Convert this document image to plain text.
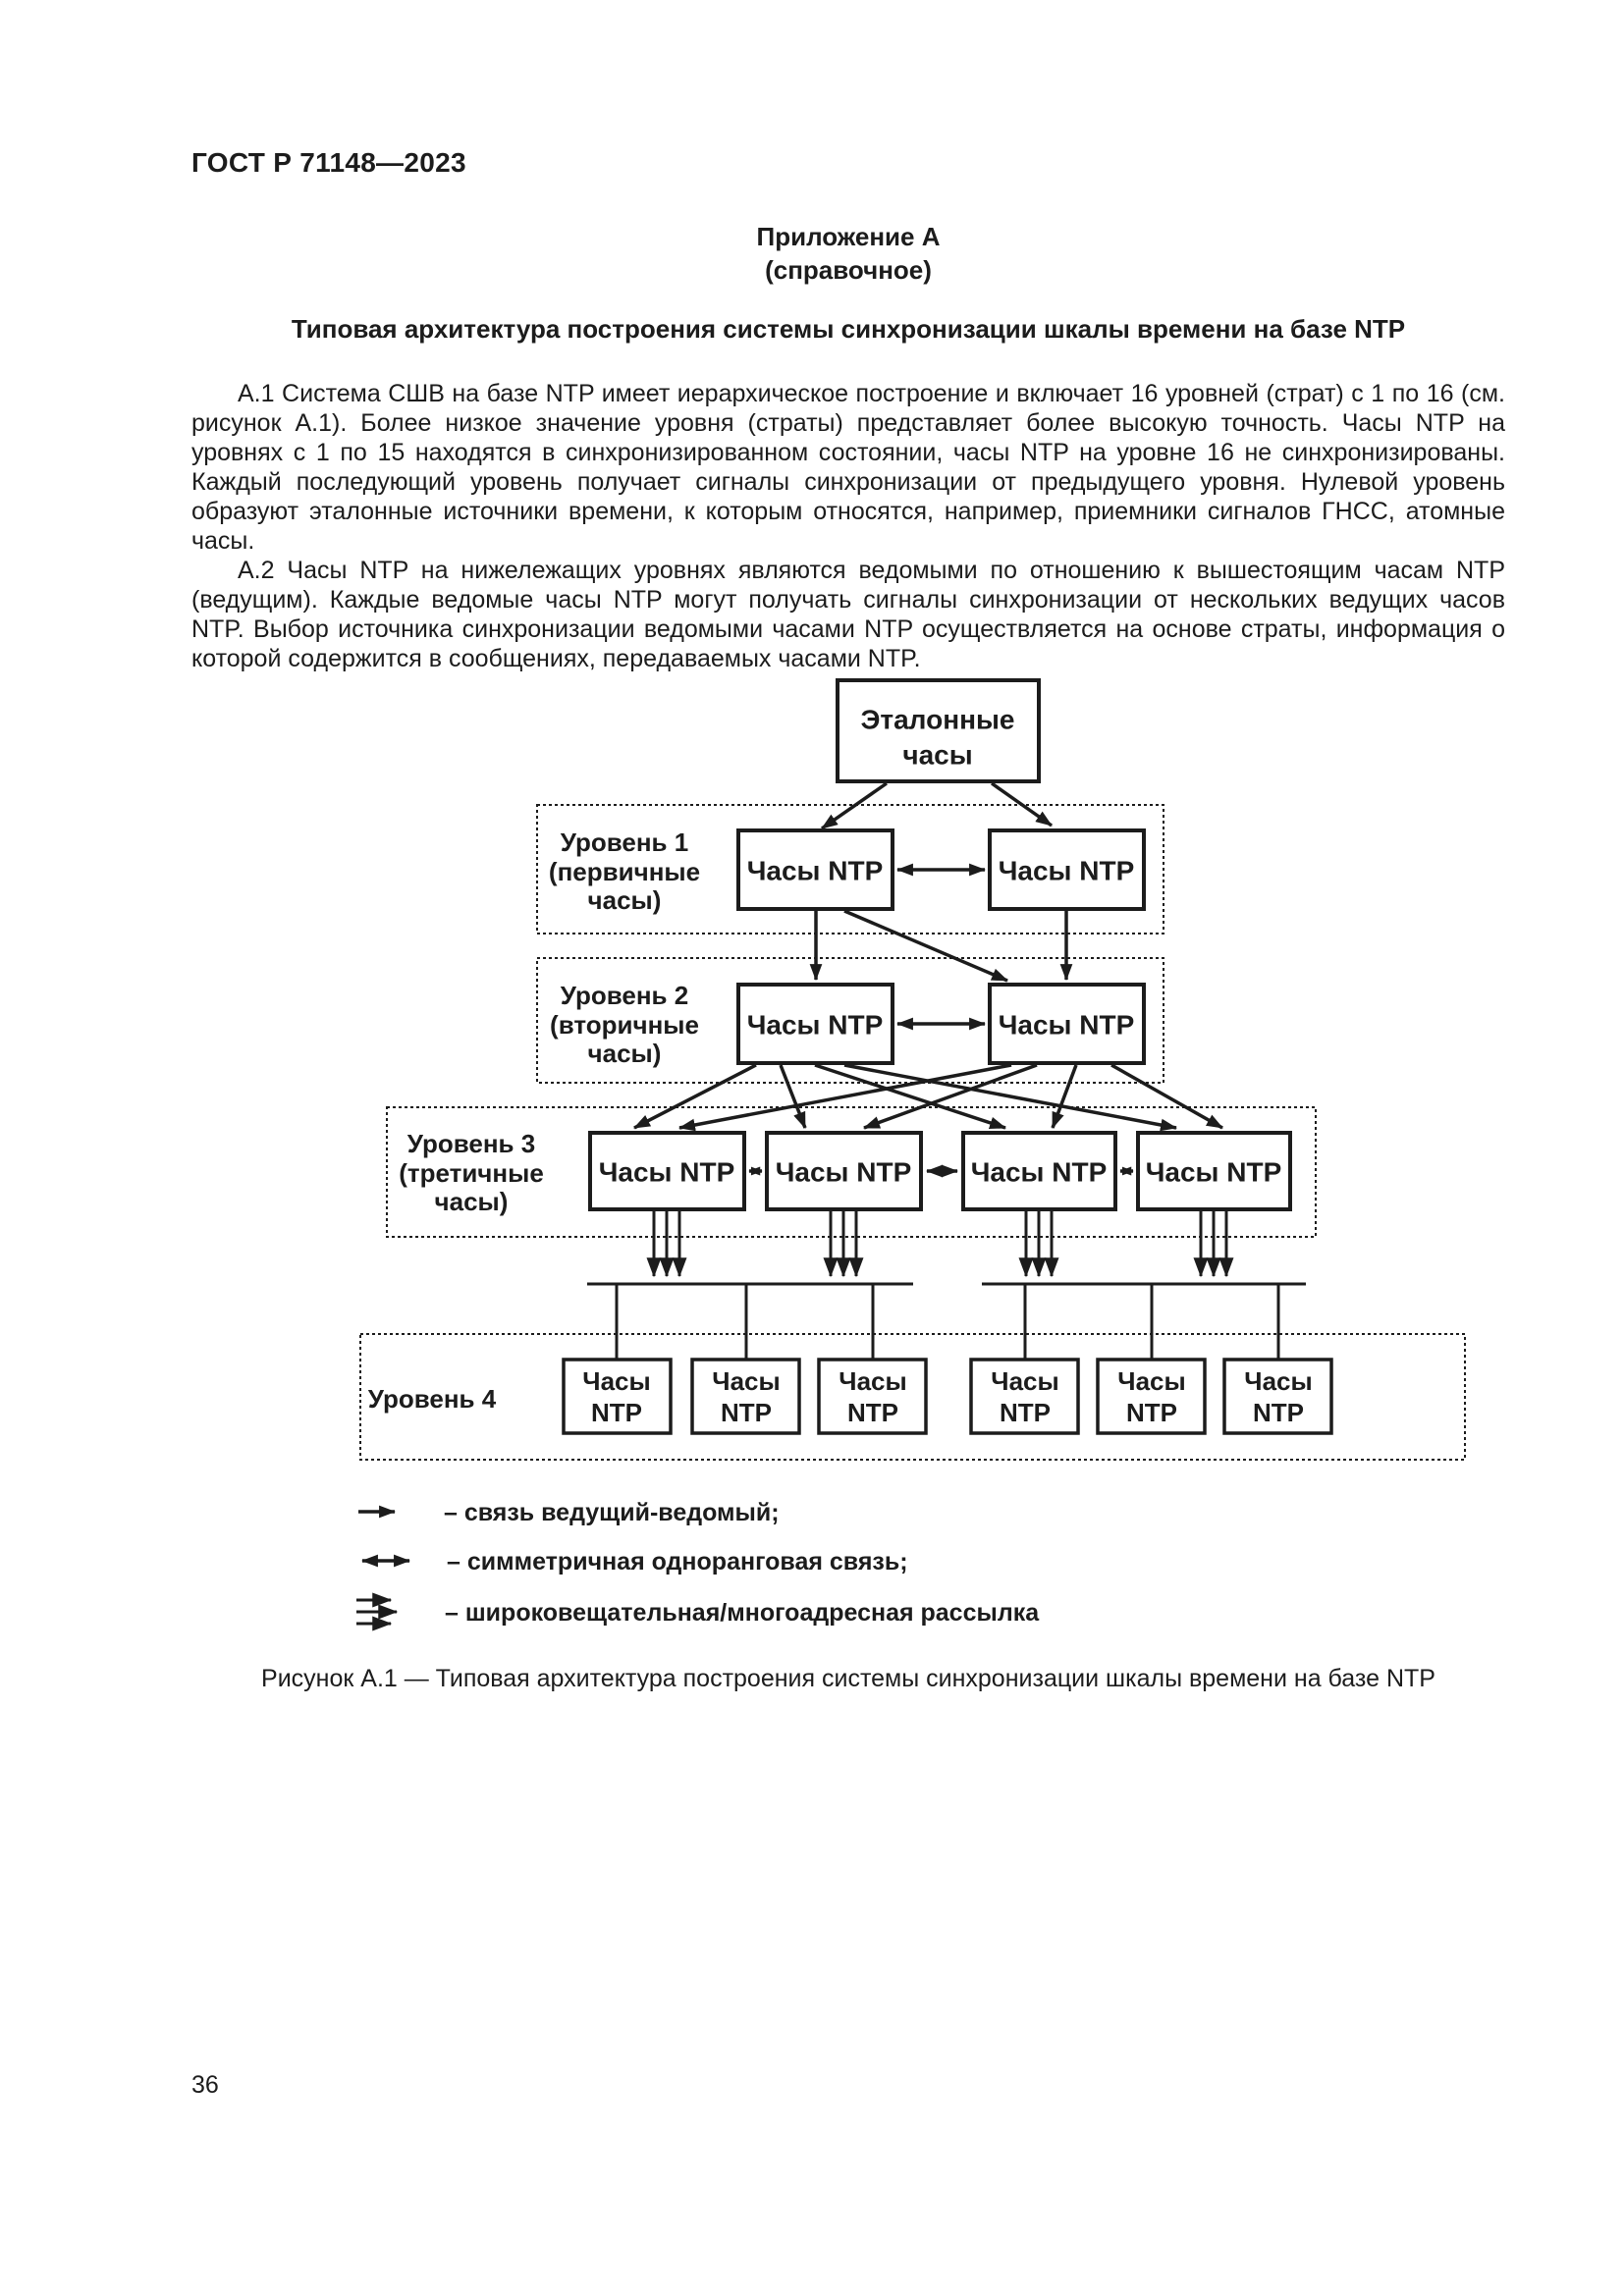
ГОСТ Р 71148—2023
Приложение А
(справочное)
Типовая архитектура построения системы синхронизации шкалы времени на базе NTP

А.1 Система СШВ на базе NTP имеет иерархическое построение и включает 16 уровней (страт) с 1 по 16 (см. рисунок А.1). Более низкое значение уровня (страты) представляет более высокую точность. Часы NTP на уровнях с 1 по 15 находятся в синхронизированном состоянии, часы NTP на уровне 16 не синхронизированы. Каждый последующий уровень получает сигналы синхронизации от предыдущего уровня. Нулевой уровень образуют эталонные источники времени, к которым относятся, например, приемники сигналов ГНСС, атомные часы.

А.2 Часы NTP на нижележащих уровнях являются ведомыми по отношению к вышестоящим часам NTP (ведущим). Каждые ведомые часы NTP могут получать сигналы синхронизации от нескольких ведущих часов NTP. Выбор источника синхронизации ведомыми часами NTP осуществляется на основе страты, информация о которой содержится в сообщениях, передаваемых часами NTP.

Эталонные
часы
Уровень 1
(первичные
часы)
Часы NTP	Часы NTP
Уровень 2
(вторичные
часы)
Часы NTP	Часы NTP
Уровень 3
(третичные
часы)
Часы NTP Часы NTP Часы NTP Часы NTP
Уровень 4
Часы
NTP
Часы
NTP
Часы
NTP
Часы
NTP
Часы
NTP
Часы
NTP
– связь ведущий-ведомый;
– симметричная одноранговая связь;
– широковещательная/многоадресная рассылка
Рисунок А.1 — Типовая архитектура построения системы синхронизации шкалы времени на базе NTP
36
